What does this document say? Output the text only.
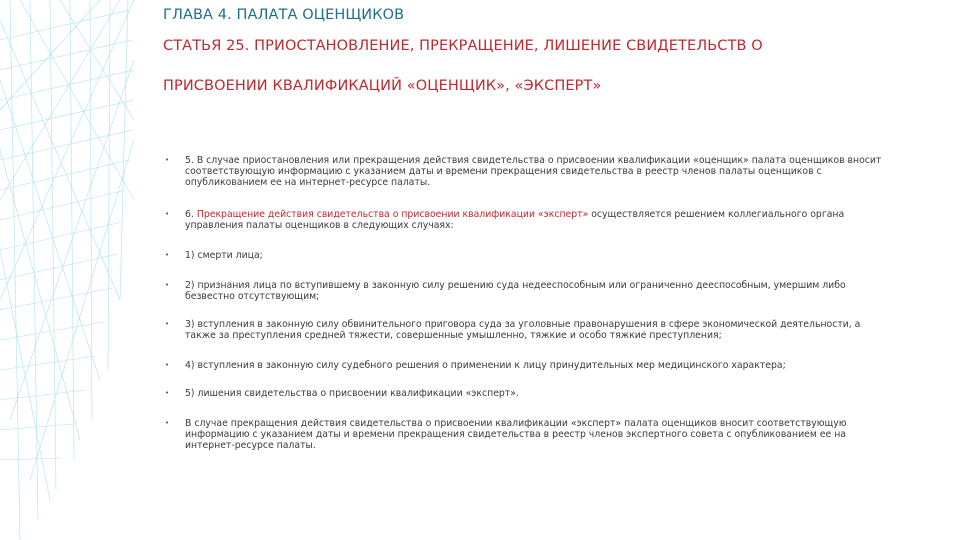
ГЛАВА 4. ПАЛАТА ОЦЕНЩИКОВ
СТАТЬЯ 25. ПРИОСТАНОВЛЕНИЕ, ПРЕКРАЩЕНИЕ, ЛИШЕНИЕ СВИДЕТЕЛЬСТВ О
ПРИСВОЕНИИ КВАЛИФИКАЦИЙ «ОЦЕНЩИК», «ЭКСПЕРТ»
• 5. В случае приостановления или прекращения действия свидетельства о присвоении квалификации «оценщик» палата оценщиков вносит соответствующую информацию с указанием даты и времени прекращения свидетельства в реестр членов палаты оценщиков с опубликованием ее на интернет-ресурсе палаты.
• 6. Прекращение действия свидетельства о присвоении квалификации «эксперт» осуществляется решением коллегиального органа управления палаты оценщиков в следующих случаях:
• 1) смерти лица;
• 2) признания лица по вступившему в законную силу решению суда недееспособным или ограниченно дееспособным, умершим либо безвестно отсутствующим;
• 3) вступления в законную силу обвинительного приговора суда за уголовные правонарушения в сфере экономической деятельности, а также за преступления средней тяжести, совершенные умышленно, тяжкие и особо тяжкие преступления;
• 4) вступления в законную силу судебного решения о применении к лицу принудительных мер медицинского характера;
• 5) лишения свидетельства о присвоении квалификации «эксперт».
• В случае прекращения действия свидетельства о присвоении квалификации «эксперт» палата оценщиков вносит соответствующую информацию с указанием даты и времени прекращения свидетельства в реестр членов экспертного совета с опубликованием ее на интернет-ресурсе палаты.
